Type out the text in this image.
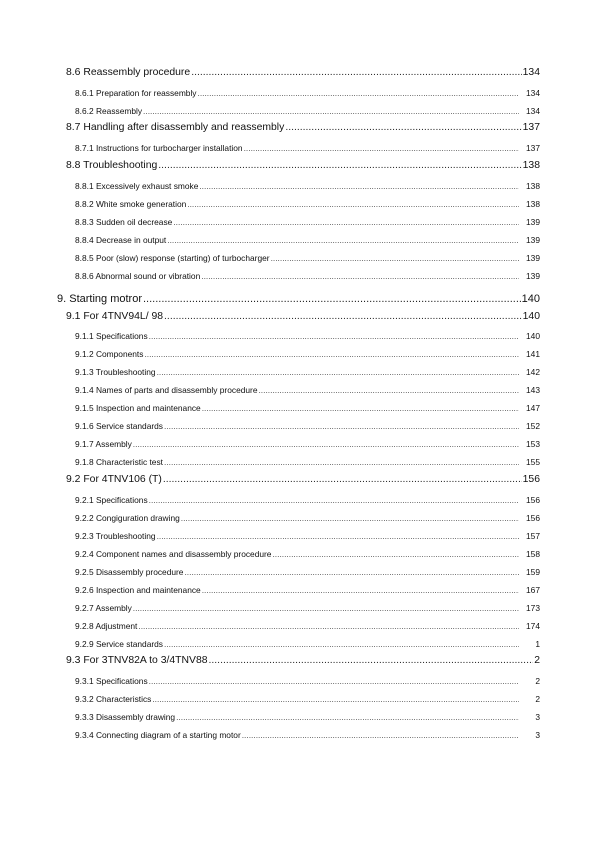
8.6 Reassembly procedure .....	134
8.6.1 Preparation for reassembly .....	134
8.6.2 Reassembly .....	134
8.7 Handling after disassembly and reassembly .....	137
8.7.1 Instructions for turbocharger installation .....	137
8.8 Troubleshooting .....	138
8.8.1 Excessively exhaust smoke .....	138
8.8.2 White smoke generation .....	138
8.8.3 Sudden oil decrease .....	139
8.8.4 Decrease in output .....	139
8.8.5 Poor (slow) response (starting) of turbocharger .....	139
8.8.6 Abnormal sound or vibration .....	139
9. Starting motror .....	140
9.1 For 4TNV94L/ 98 .....	140
9.1.1 Specifications .....	140
9.1.2 Components .....	141
9.1.3 Troubleshooting .....	142
9.1.4 Names of parts and disassembly procedure .....	143
9.1.5 Inspection and maintenance .....	147
9.1.6 Service standards .....	152
9.1.7 Assembly .....	153
9.1.8 Characteristic test .....	155
9.2 For 4TNV106 (T) .....	156
9.2.1 Specifications .....	156
9.2.2 Congiguration drawing .....	156
9.2.3 Troubleshooting .....	157
9.2.4 Component names and disassembly procedure .....	158
9.2.5 Disassembly procedure .....	159
9.2.6 Inspection and maintenance .....	167
9.2.7 Assembly .....	173
9.2.8 Adjustment .....	174
9.2.9 Service standards .....	1
9.3 For 3TNV82A to 3/4TNV88 .....	2
9.3.1 Specifications .....	2
9.3.2 Characteristics .....	2
9.3.3 Disassembly drawing .....	3
9.3.4 Connecting diagram of a starting motor .....	3
